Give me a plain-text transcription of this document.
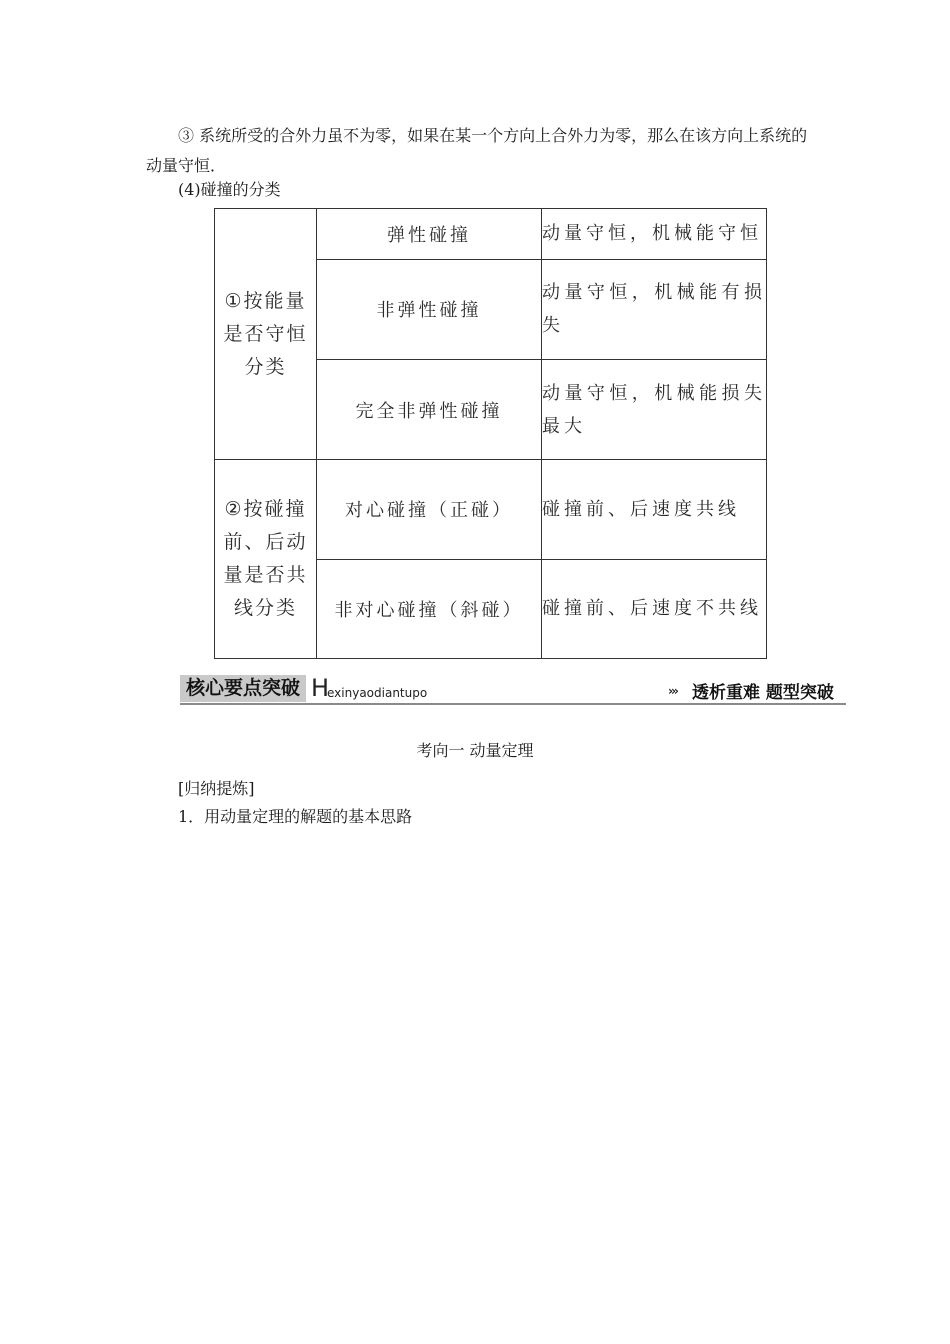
③ 系统所受的合外力虽不为零，如果在某一个方向上合外力为零，那么在该方向上系统的动量守恒．

(4)碰撞的分类

①按能量是否守恒分类	弹性碰撞	动量守恒，机械能守恒
	非弹性碰撞	动量守恒，机械能有损失
	完全非弹性碰撞	动量守恒，机械能损失最大
②按碰撞前、后动量是否共线分类	对心碰撞（正碰）	碰撞前、后速度共线
	非对心碰撞（斜碰）	碰撞前、后速度不共线
核心要点突破 H
exinyaodiantupo	››› 透析重难 题型突破
考向一 动量定理

[归纳提炼]

1．用动量定理的解题的基本思路
